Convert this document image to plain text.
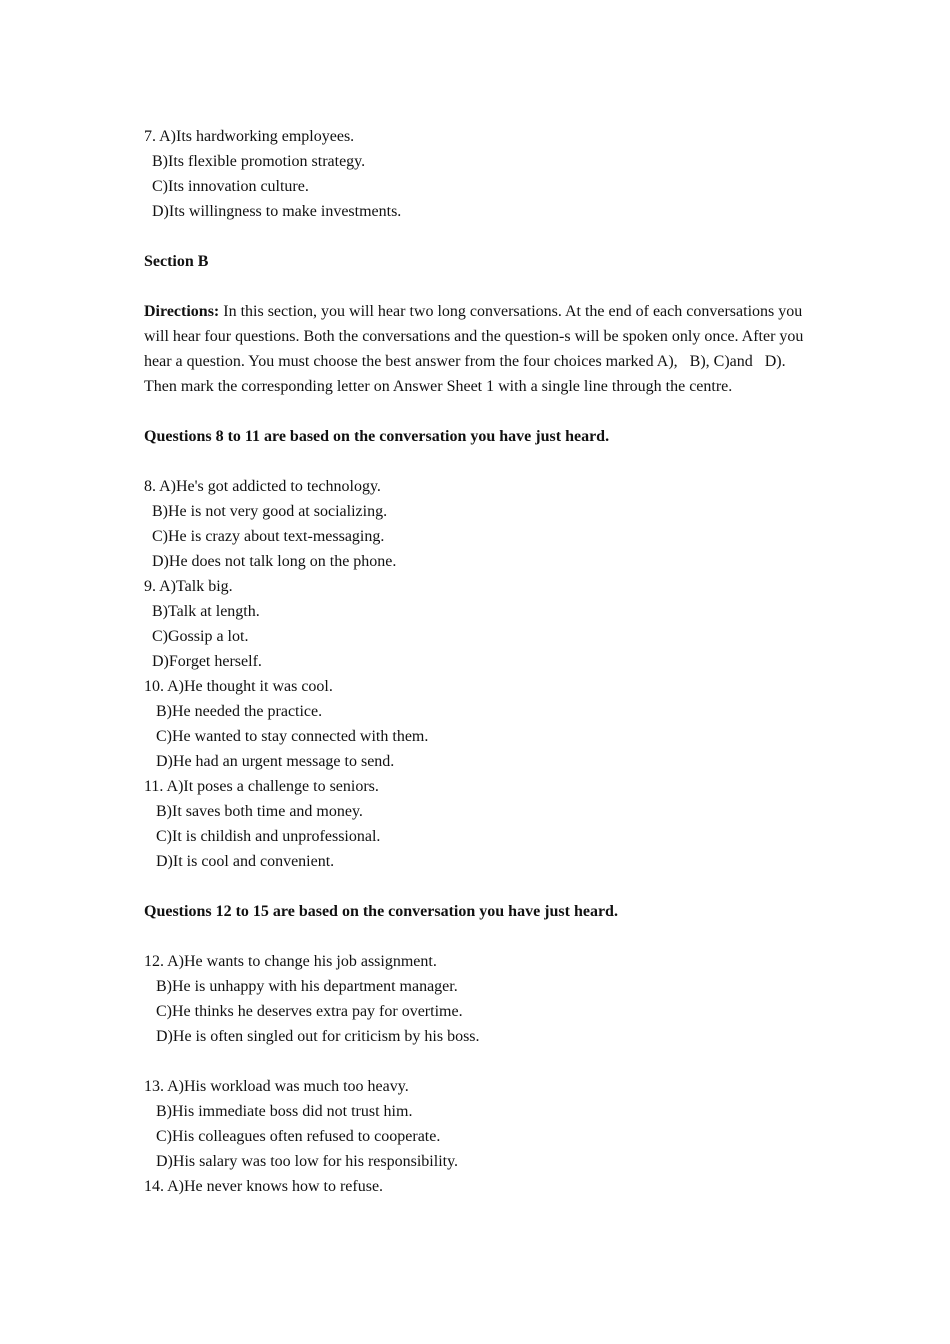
7. A)Its hardworking employees.
B)Its flexible promotion strategy.
C)Its innovation culture.
D)Its willingness to make investments.
Section B
Directions: In this section, you will hear two long conversations. At the end of each conversations you will hear four questions. Both the conversations and the question-s will be spoken only once. After you hear a question. You must choose the best answer from the four choices marked A),   B), C)and   D). Then mark the corresponding letter on Answer Sheet 1 with a single line through the centre.
Questions 8 to 11 are based on the conversation you have just heard.
8. A)He's got addicted to technology.
B)He is not very good at socializing.
C)He is crazy about text-messaging.
D)He does not talk long on the phone.
9. A)Talk big.
B)Talk at length.
C)Gossip a lot.
D)Forget herself.
10. A)He thought it was cool.
B)He needed the practice.
C)He wanted to stay connected with them.
D)He had an urgent message to send.
11. A)It poses a challenge to seniors.
B)It saves both time and money.
C)It is childish and unprofessional.
D)It is cool and convenient.
Questions 12 to 15 are based on the conversation you have just heard.
12. A)He wants to change his job assignment.
B)He is unhappy with his department manager.
C)He thinks he deserves extra pay for overtime.
D)He is often singled out for criticism by his boss.
13. A)His workload was much too heavy.
B)His immediate boss did not trust him.
C)His colleagues often refused to cooperate.
D)His salary was too low for his responsibility.
14. A)He never knows how to refuse.
